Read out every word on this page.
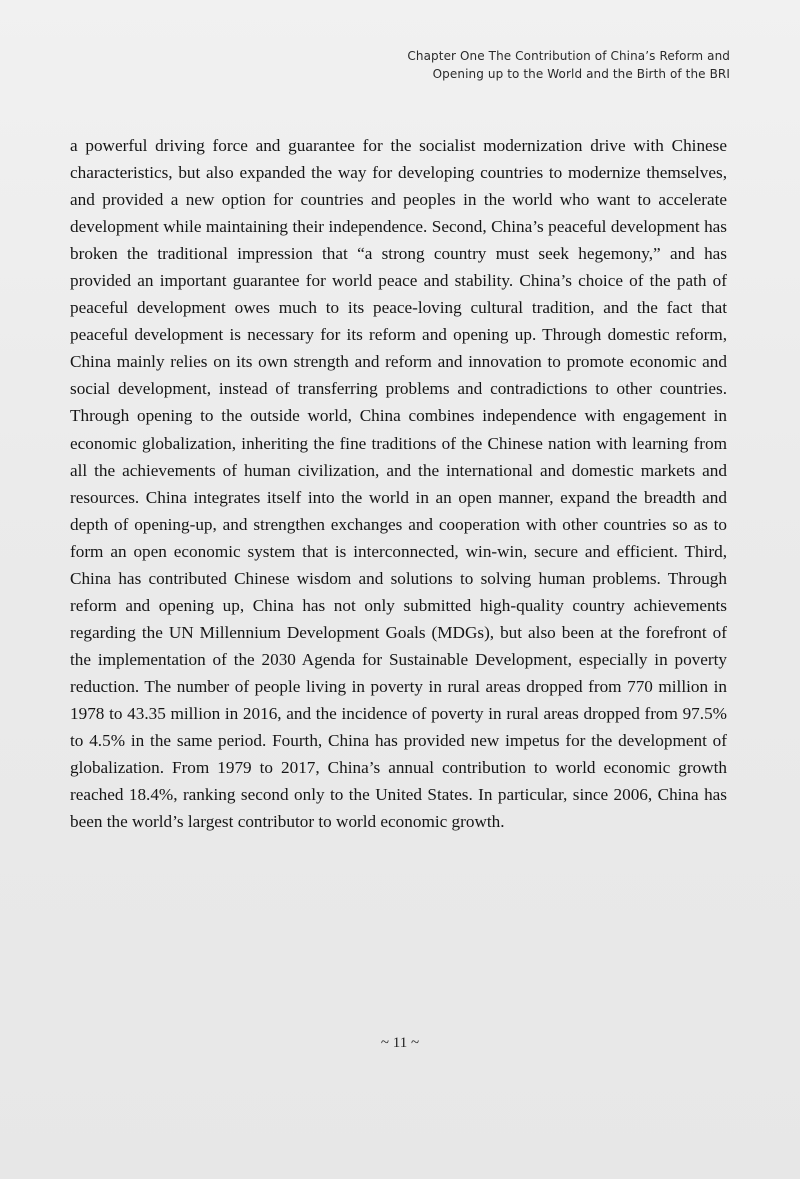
Chapter One The Contribution of China’s Reform and
Opening up to the World and the Birth of the BRI

a powerful driving force and guarantee for the socialist modernization drive with Chinese characteristics, but also expanded the way for developing countries to modernize themselves, and provided a new option for countries and peoples in the world who want to accelerate development while maintaining their independence. Second, China’s peaceful development has broken the traditional impression that “a strong country must seek hegemony,” and has provided an important guarantee for world peace and stability. China’s choice of the path of peaceful development owes much to its peace-loving cultural tradition, and the fact that peaceful development is necessary for its reform and opening up. Through domestic reform, China mainly relies on its own strength and reform and innovation to promote economic and social development, instead of transferring problems and contradictions to other countries. Through opening to the outside world, China combines independence with engagement in economic globalization, inheriting the fine traditions of the Chinese nation with learning from all the achievements of human civilization, and the international and domestic markets and resources. China integrates itself into the world in an open manner, expand the breadth and depth of opening-up, and strengthen exchanges and cooperation with other countries so as to form an open economic system that is interconnected, win-win, secure and efficient. Third, China has contributed Chinese wisdom and solutions to solving human problems. Through reform and opening up, China has not only submitted high-quality country achievements regarding the UN Millennium Development Goals (MDGs), but also been at the forefront of the implementation of the 2030 Agenda for Sustainable Development, especially in poverty reduction. The number of people living in poverty in rural areas dropped from 770 million in 1978 to 43.35 million in 2016, and the incidence of poverty in rural areas dropped from 97.5% to 4.5% in the same period. Fourth, China has provided new impetus for the development of globalization. From 1979 to 2017, China’s annual contribution to world economic growth reached 18.4%, ranking second only to the United States. In particular, since 2006, China has been the world’s largest contributor to world economic growth.

~ 11 ~
